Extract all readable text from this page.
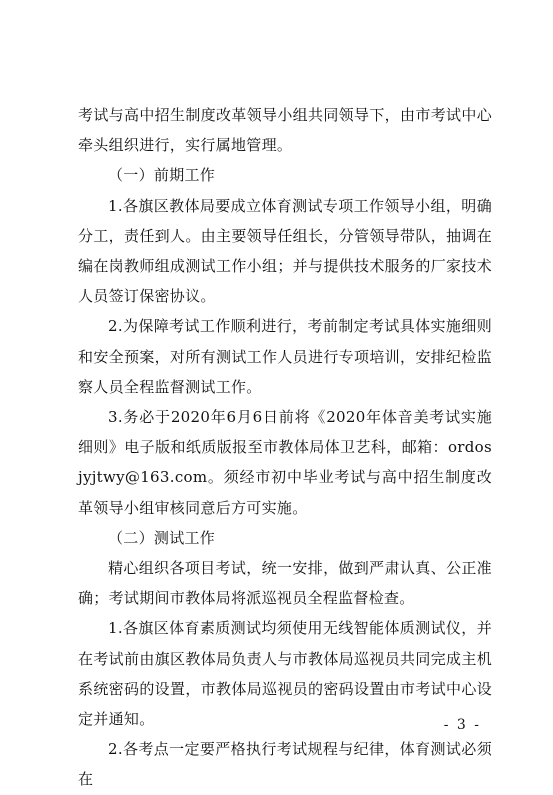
考试与高中招生制度改革领导小组共同领导下，由市考试中心牵头组织进行，实行属地管理。

（一）前期工作

1.各旗区教体局要成立体育测试专项工作领导小组，明确分工，责任到人。由主要领导任组长，分管领导带队，抽调在编在岗教师组成测试工作小组；并与提供技术服务的厂家技术人员签订保密协议。

2.为保障考试工作顺利进行，考前制定考试具体实施细则和安全预案，对所有测试工作人员进行专项培训，安排纪检监察人员全程监督测试工作。

3.务必于2020年6月6日前将《2020年体音美考试实施细则》电子版和纸质版报至市教体局体卫艺科，邮箱：ordosjyjtwy@163.com。须经市初中毕业考试与高中招生制度改革领导小组审核同意后方可实施。

（二）测试工作

精心组织各项目考试，统一安排，做到严肃认真、公正准确；考试期间市教体局将派巡视员全程监督检查。

1.各旗区体育素质测试均须使用无线智能体质测试仪，并在考试前由旗区教体局负责人与市教体局巡视员共同完成主机系统密码的设置，市教体局巡视员的密码设置由市考试中心设定并通知。

2.各考点一定要严格执行考试规程与纪律，体育测试必须在

- 3 -
